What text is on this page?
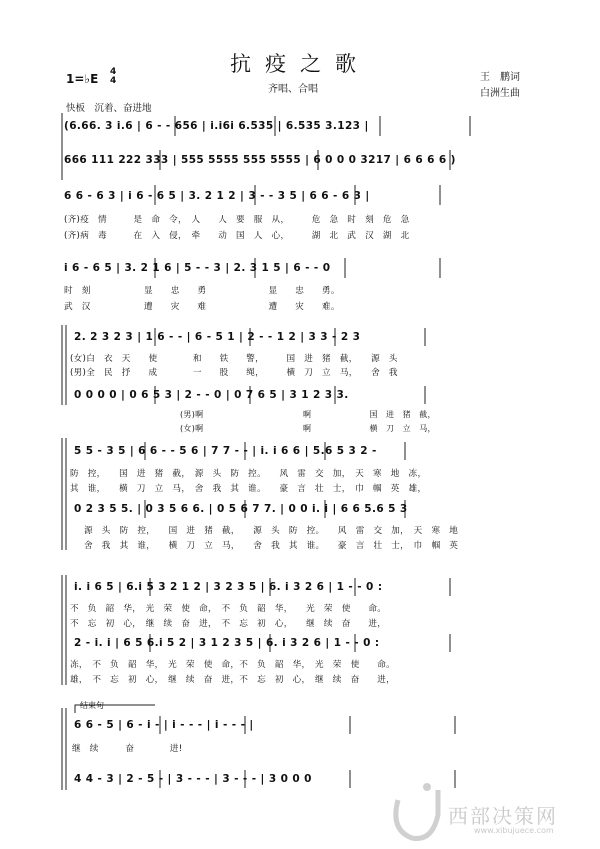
抗疫之歌
1=♭E 4
4
齐唱、合唱
王　鹏词
白洲生曲
快板　沉着、奋进地
(6.66. 3 i.6 | 6 - - 656 | i.i6i 6.535 | 6.535 3.123 |
666 111 222 333 | 555 5555 555 5555 | 6 0 0 0 3217 | 6 6 6 6 )
6 6 - 6 3 | i 6 - 6 5 | 3. 2 1 2 | 3 - - 3 5 | 6 6 - 6 3 |
(齐)疫　情　　　是　命　令，　人　　人　要　服　从，　　　危　急　时　刻　危　急
(齐)病　毒　　　在　入　侵，　牵　　动　国　人　心，　　　湖　北　武　汉　湖　北
i 6 - 6 5 | 3. 2 1 6 | 5 - - 3 | 2. 3 1 5 | 6 - - 0
时　刻　　　　　　显　　忠　　勇　　　　　　　显　　忠　　勇。
武　汉　　　　　　遭　　灾　　难　　　　　　　遭　　灾　　难。
2. 2 3 2 3 | 1 6 - - | 6 - 5 1 | 2 - - 1 2 | 3 3 - 2 3
(女)白　衣　天　　使　　　　和　　铁　　警，　　　国　进　猪　截，　　源　头
(男)全　民　抒　　成　　　　一　　股　　绳，　　　横　刀　立　马，　　舍　我
0 0 0 0 | 0 6 5 3 | 2 - - 0 | 0 7 6 5 | 3 1 2 3 3.
(男)啊　　　　　　　　　　　　啊　　　　　　　国　进　猪　截，
(女)啊　　　　　　　　　　　　啊　　　　　　　横　刀　立　马，
5 5 - 3 5 | 6 6 - - 5 6 | 7 7 - - | i. i 6 6 | 5.6 5 3 2 -
防　控，　　国　进　猪　截，　源　头　防　控。　　风　雷　交　加，　天　寒　地　冻，
其　谁，　　横　刀　立　马，　舍　我　其　谁。　　豪　言　壮　士，　巾　帼　英　雄，
0 2 3 5 5. | 0 3 5 6 6. | 0 5 6 7 7. | 0 0 i. i | 6 6 5.6 5 3
源　头　防　控，　　国　进　猪　截，　　源　头　防　控。　　风　雷　交　加，　天　寒　地
舍　我　其　谁，　　横　刀　立　马，　　舍　我　其　谁。　　豪　言　壮　士，　巾　帼　英
i. i 6 5 | 6.i 5 3 2 1 2 | 3 2 3 5 | 6. i 3 2 6 | 1 - - 0 :
不　负　韶　华，　光　荣　使　命，　不　负　韶　华，　　光　荣　使　　命。
不　忘　初　心，　继　续　奋　进，　不　忘　初　心，　　继　续　奋　　进，
2 - i. i | 6 5 6.i 5 2 | 3 1 2 3 5 | 6. i 3 2 6 | 1 - - 0 :
冻，　不　负　韶　华，　光　荣　使　命，不　负　韶　华，　光　荣　使　　命。
雄，　不　忘　初　心，　继　续　奋　进，不　忘　初　心，　继　续　奋　　进，
结束句
6 6 - 5 | 6 - i - | i - - - | i - - - |
继　续　　　奋　　　　进!
4 4 - 3 | 2 - 5 - | 3 - - - | 3 - - - | 3 0 0 0
西部决策网
www.xibujuece.com
